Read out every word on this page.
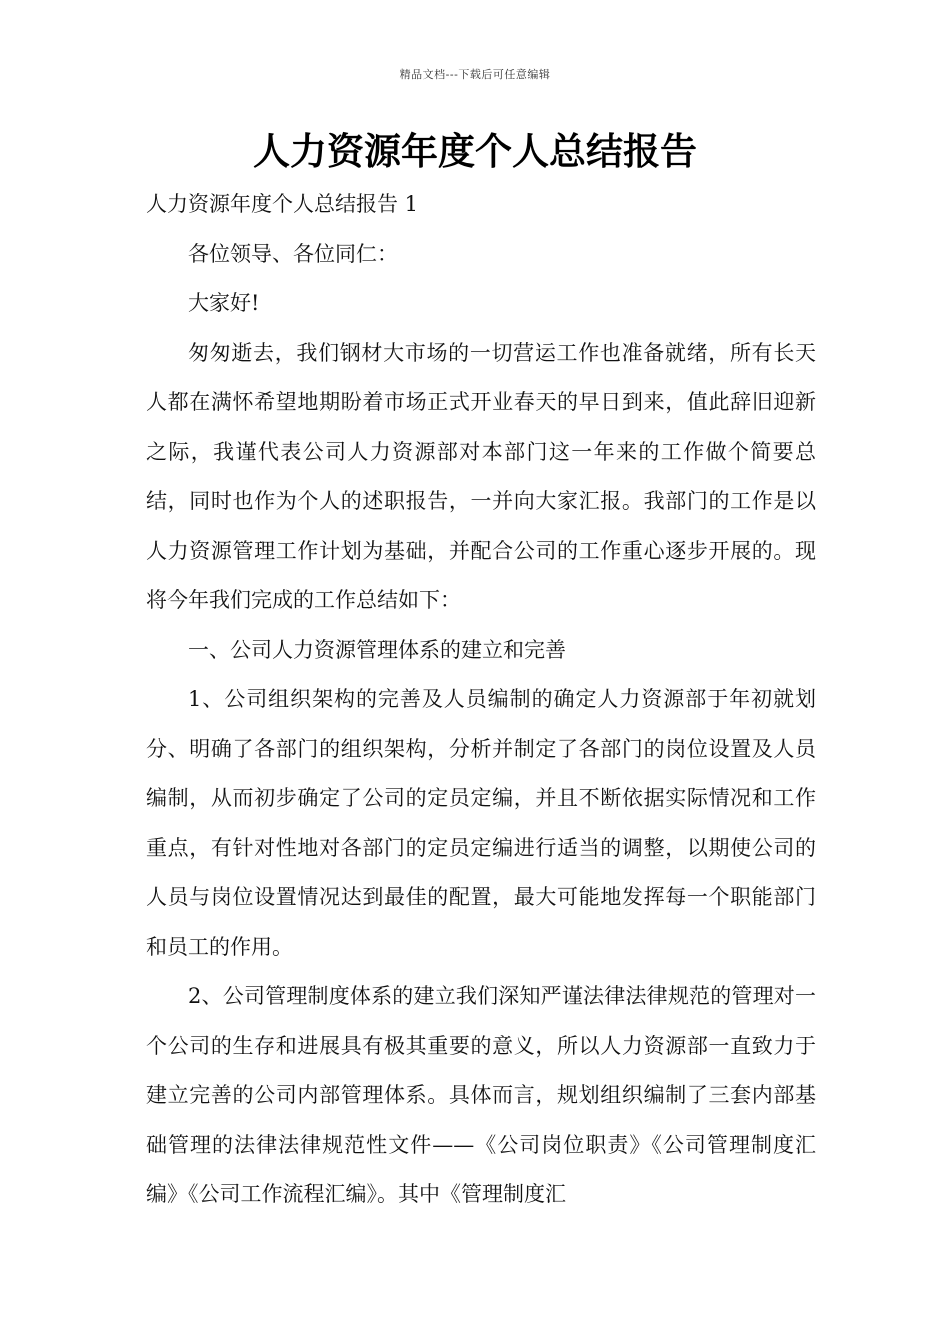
精品文档---下载后可任意编辑
人力资源年度个人总结报告

人力资源年度个人总结报告 1

各位领导、各位同仁：

大家好!

匆匆逝去，我们钢材大市场的一切营运工作也准备就绪，所有长天人都在满怀希望地期盼着市场正式开业春天的早日到来，值此辞旧迎新之际，我谨代表公司人力资源部对本部门这一年来的工作做个简要总结，同时也作为个人的述职报告，一并向大家汇报。我部门的工作是以人力资源管理工作计划为基础，并配合公司的工作重心逐步开展的。现将今年我们完成的工作总结如下：

一、公司人力资源管理体系的建立和完善

1、公司组织架构的完善及人员编制的确定人力资源部于年初就划分、明确了各部门的组织架构，分析并制定了各部门的岗位设置及人员编制，从而初步确定了公司的定员定编，并且不断依据实际情况和工作重点，有针对性地对各部门的定员定编进行适当的调整，以期使公司的人员与岗位设置情况达到最佳的配置，最大可能地发挥每一个职能部门和员工的作用。

2、公司管理制度体系的建立我们深知严谨法律法律规范的管理对一个公司的生存和进展具有极其重要的意义，所以人力资源部一直致力于建立完善的公司内部管理体系。具体而言，规划组织编制了三套内部基础管理的法律法律规范性文件——《公司岗位职责》《公司管理制度汇编》《公司工作流程汇编》。其中《管理制度汇
